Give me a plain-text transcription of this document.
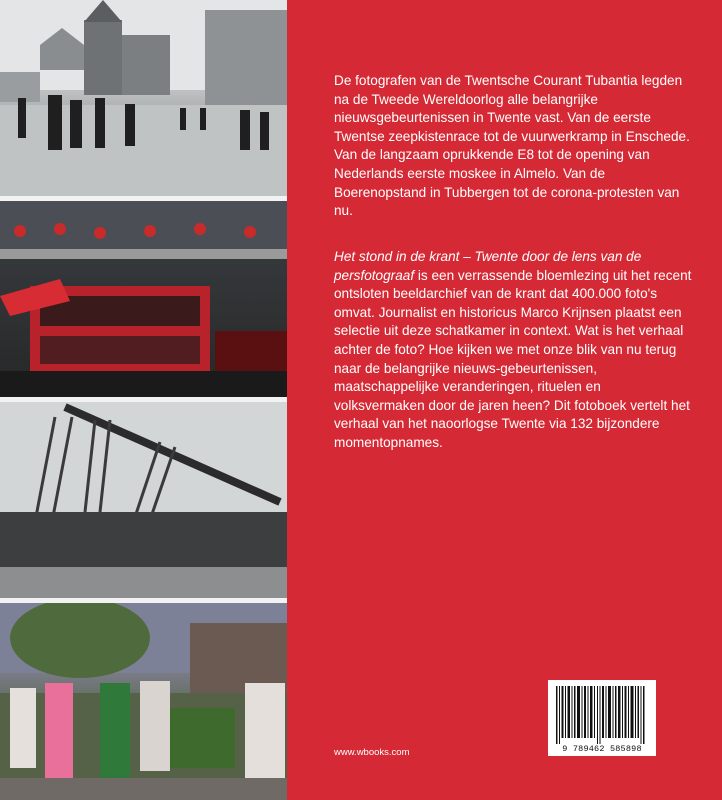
De fotografen van de Twentsche Courant Tubantia legden na de Tweede Wereldoorlog alle belangrijke nieuwsgebeurtenissen in Twente vast. Van de eerste Twentse zeepkistenrace tot de vuurwerkramp in Enschede. Van de langzaam oprukkende E8 tot de opening van Nederlands eerste moskee in Almelo. Van de Boerenopstand in Tubbergen tot de corona-protesten van nu.

Het stond in de krant – Twente door de lens van de persfotograaf is een verrassende bloemlezing uit het recent ontsloten beeldarchief van de krant dat 400.000 foto's omvat. Journalist en historicus Marco Krijnsen plaatst een selectie uit deze schatkamer in context. Wat is het verhaal achter de foto? Hoe kijken we met onze blik van nu terug naar de belangrijke nieuws-gebeurtenissen, maatschappelijke veranderingen, rituelen en volksvermaken door de jaren heen? Dit fotoboek vertelt het verhaal van het naoorlogse Twente via 132 bijzondere momentopnames.

www.wbooks.com	9 789462 585898
